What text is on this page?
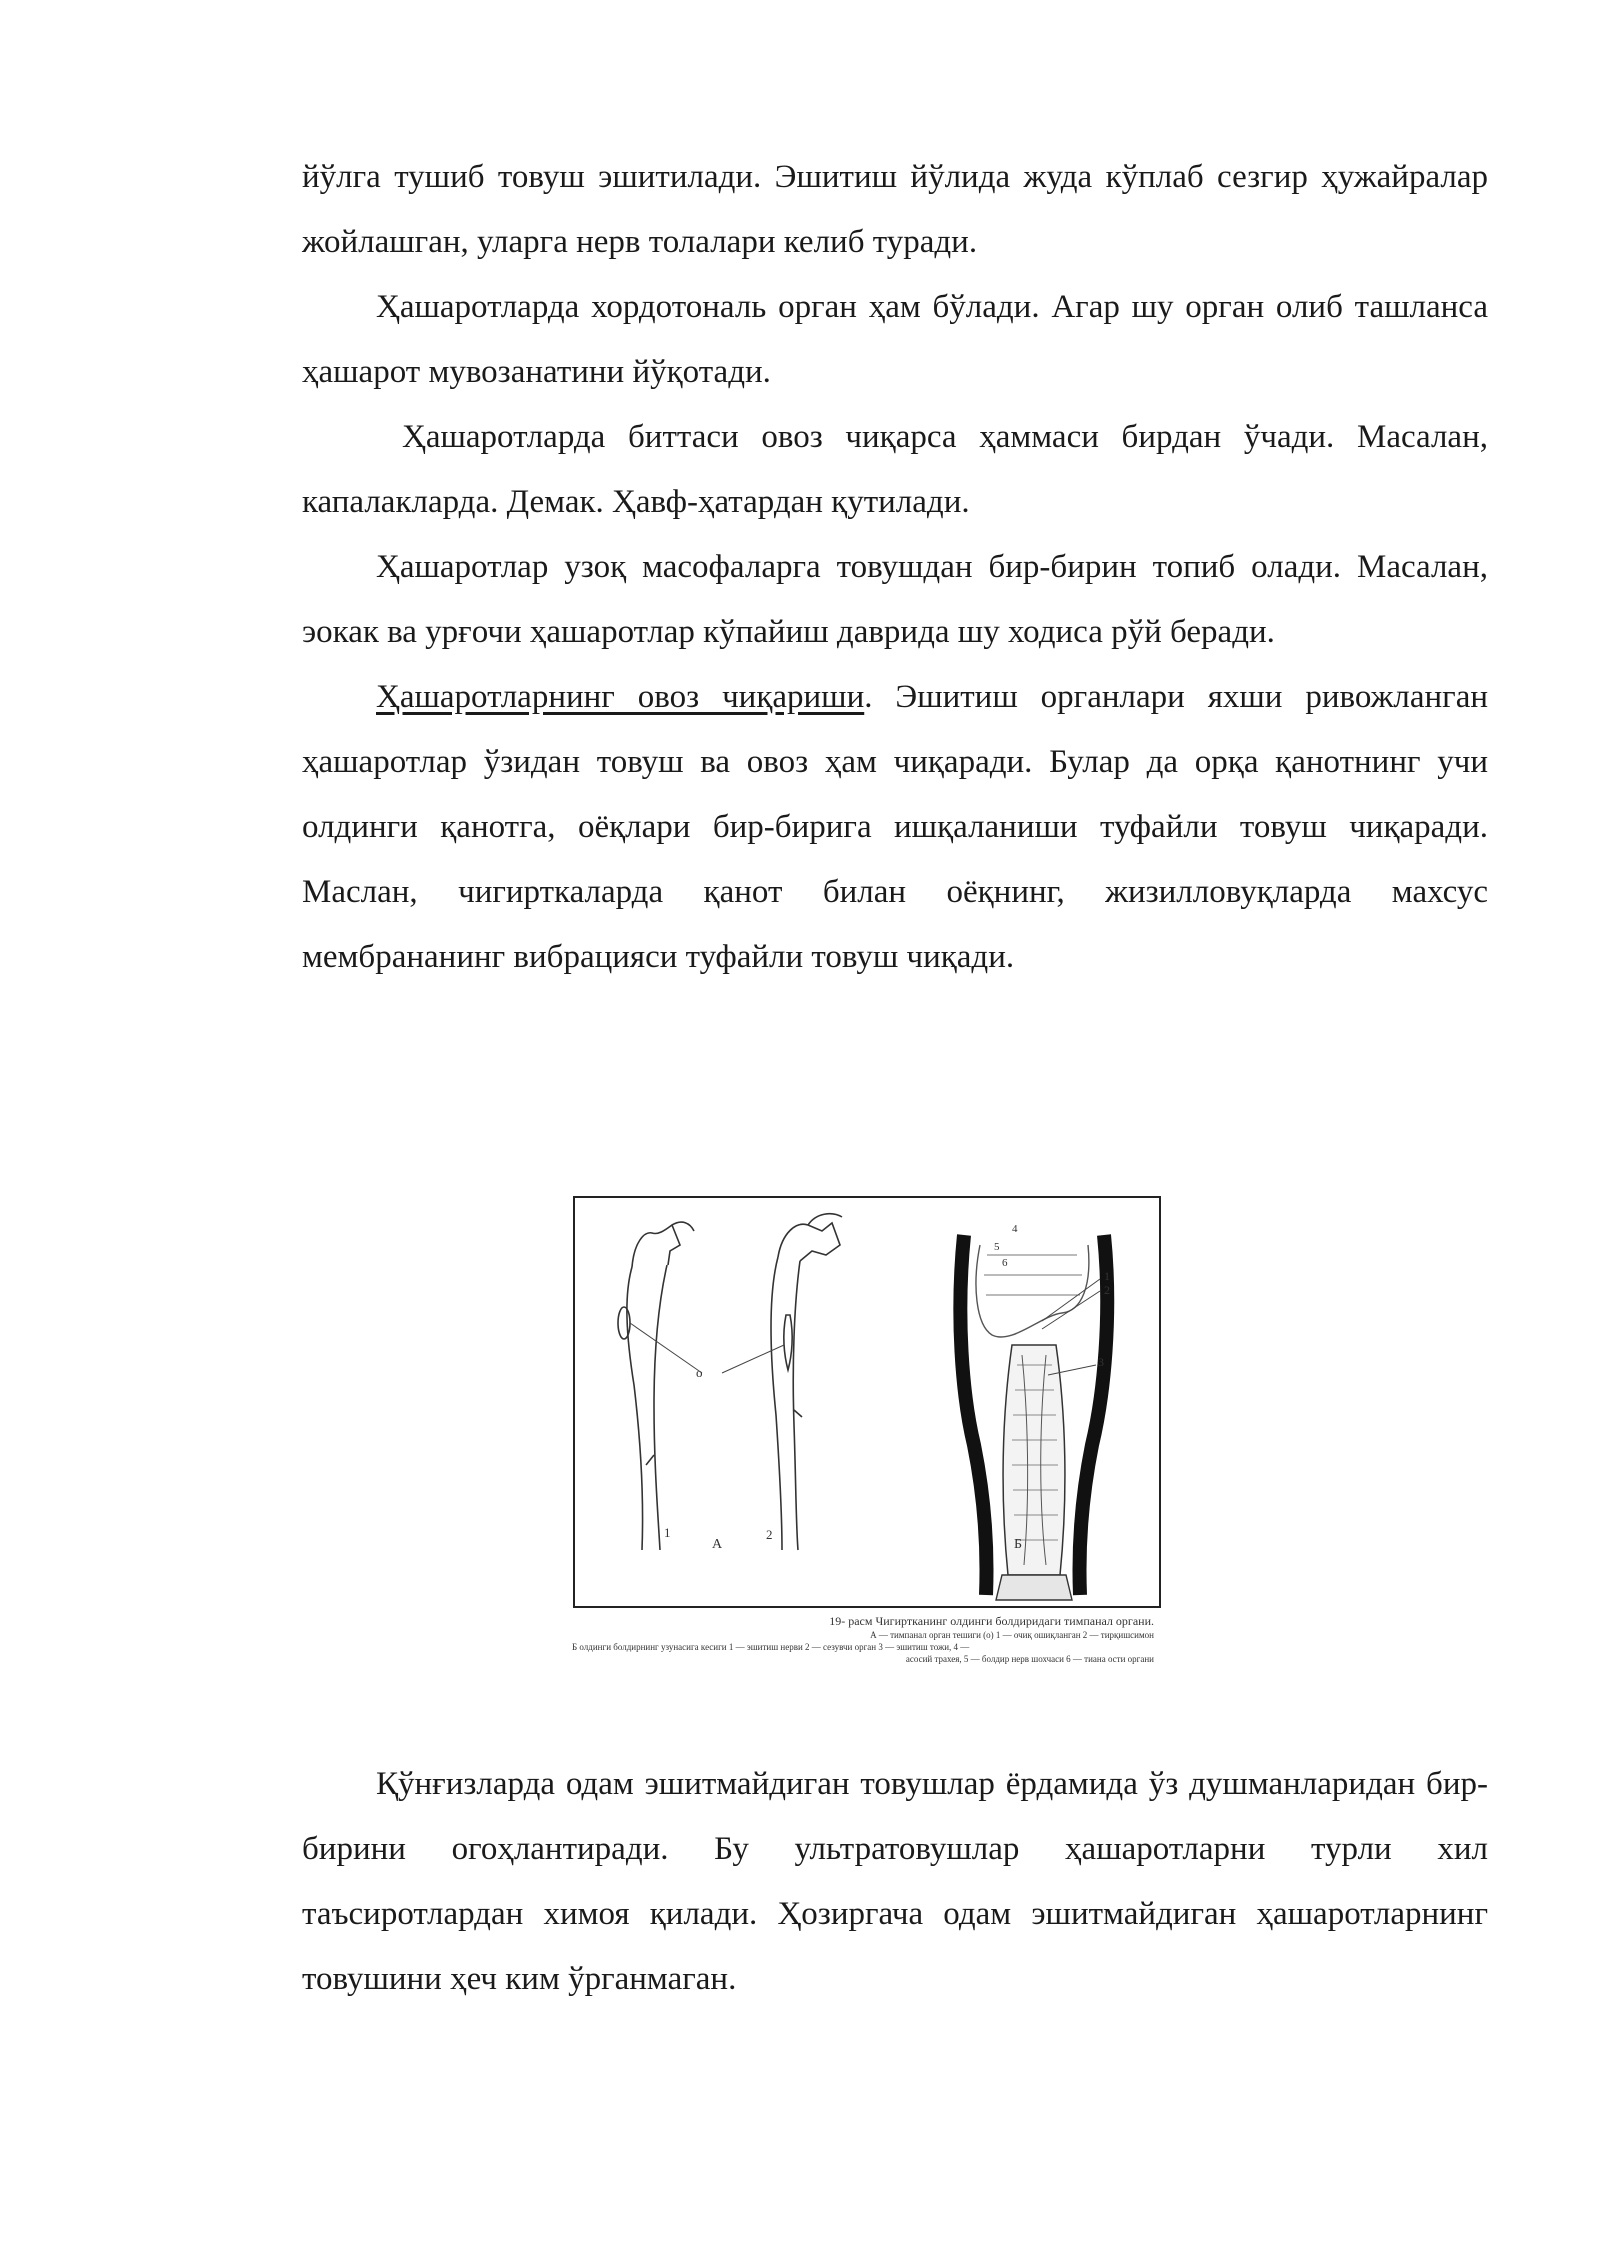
йўлга тушиб товуш эшитилади. Эшитиш йўлида жуда кўплаб сезгир ҳужайралар жойлашган, уларга нерв толалари келиб туради.

Ҳашаротларда хордотональ орган ҳам бўлади. Агар шу орган олиб ташланса ҳашарот мувозанатини йўқотади.

Ҳашаротларда биттаси овоз чиқарса ҳаммаси бирдан ўчади. Масалан, капалакларда. Демак. Ҳавф-ҳатардан қутилади.

Ҳашаротлар узоқ масофаларга товушдан бир-бирин топиб олади. Масалан, эокак ва урғочи ҳашаротлар кўпайиш даврида шу ходиса рўй беради.

Ҳашаротларнинг овоз чиқариши. Эшитиш органлари яхши ривожланган ҳашаротлар ўзидан товуш ва овоз ҳам чиқаради. Булар да орқа қанотнинг учи олдинги қанотга, оёқлари бир-бирига ишқаланиши туфайли товуш чиқаради. Маслан, чигирткаларда қанот билан оёқнинг, жизилловуқларда махсус мембрананинг вибрацияси туфайли товуш чиқади.

о
1	2
А	Б
1
2
3
4
5
6
19- расм Чигиртканинг олдинги болдиридаги тимпанал органи.
А — тимпанал орган тешиги (о) 1 — очиқ ошиқланган 2 — тирқишсимон
Б олдинги болдирнинг узунасига кесиги 1 — эшитиш нерви 2 — сезувчи орган 3 — эшитиш тожи, 4 —
асосий трахея, 5 — болдир нерв шохчаси 6 — тиана ости органи

Қўнғизларда одам эшитмайдиган товушлар ёрдамида ўз душманларидан бир-бирини огоҳлантиради. Бу ультратовушлар ҳашаротларни турли хил таъсиротлардан химоя қилади. Ҳозиргача одам эшитмайдиган ҳашаротларнинг товушини ҳеч ким ўрганмаган.
